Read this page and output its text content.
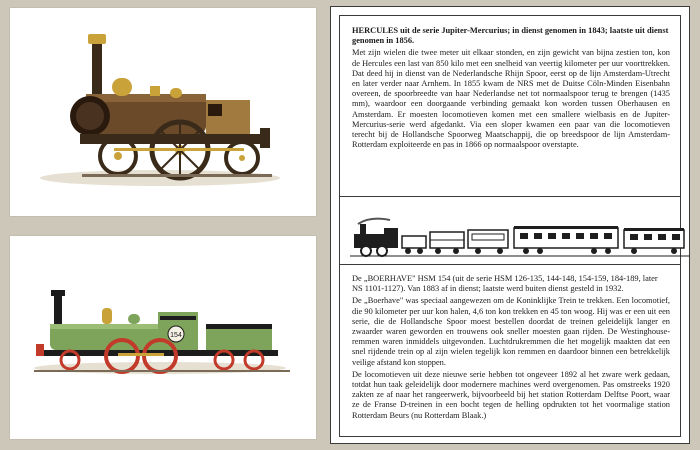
154

HERCULES uit de serie Jupiter-Mercurius; in dienst genomen in 1843; laatste uit dienst genomen in 1856.

Met zijn wielen die twee meter uit elkaar stonden, en zijn gewicht van bijna zestien ton, kon de Hercules een last van 850 kilo met een snelheid van veertig kilometer per uur voorttrekken. Dat deed hij in dienst van de Nederlandsche Rhijn Spoor, eerst op de lijn Amsterdam-Utrecht en later verder naar Arnhem. In 1855 kwam de NRS met de Duitse Cöln-Minden Eisenbahn overeen, de spoorbreedte van haar Nederlandse net tot normaalspoor terug te brengen (1435 mm), waardoor een doorgaande verbinding gemaakt kon worden tussen Oberhausen en Amsterdam. Er moesten locomotieven komen met een smallere wielbasis en de Jupiter-Mercurius-serie werd afgedankt. Via een sloper kwamen een paar van die locomotieven terecht bij de Hollandsche Spoorweg Maatschappij, die op breedspoor de lijn Amsterdam-Rotterdam exploiteerde en pas in 1866 op normaalspoor overstapte.

De „BOERHAVE" HSM 154 (uit de serie HSM 126-135, 144-148, 154-159, 184-189, later NS 1101-1127). Van 1883 af in dienst; laatste werd buiten dienst gesteld in 1932.

De „Boerhave" was speciaal aangewezen om de Koninklijke Trein te trekken. Een locomotief, die 90 kilometer per uur kon halen, 4,6 ton kon trekken en 45 ton woog. Hij was er een uit een serie, die de Hollandsche Spoor moest bestellen doordat de treinen geleidelijk langer en zwaarder waren geworden en trouwens ook sneller moesten gaan rijden. De Westinghouse-remmen waren inmiddels uitgevonden. Luchtdrukremmen die het mogelijk maakten dat een snel rijdende trein op al zijn wielen tegelijk kon remmen en daardoor binnen een betrekkelijk veilige afstand kon stoppen.

De locomotieven uit deze nieuwe serie hebben tot ongeveer 1892 al het zware werk gedaan, totdat hun taak geleidelijk door modernere machines werd overgenomen. Pas omstreeks 1920 zakten ze af naar het rangeerwerk, bijvoorbeeld bij het station Rotterdam Delftse Poort, waar ze de Franse D-treinen in een bocht tegen de helling opdrukten tot het voormalige station Rotterdam Beurs (nu Rotterdam Blaak.)
